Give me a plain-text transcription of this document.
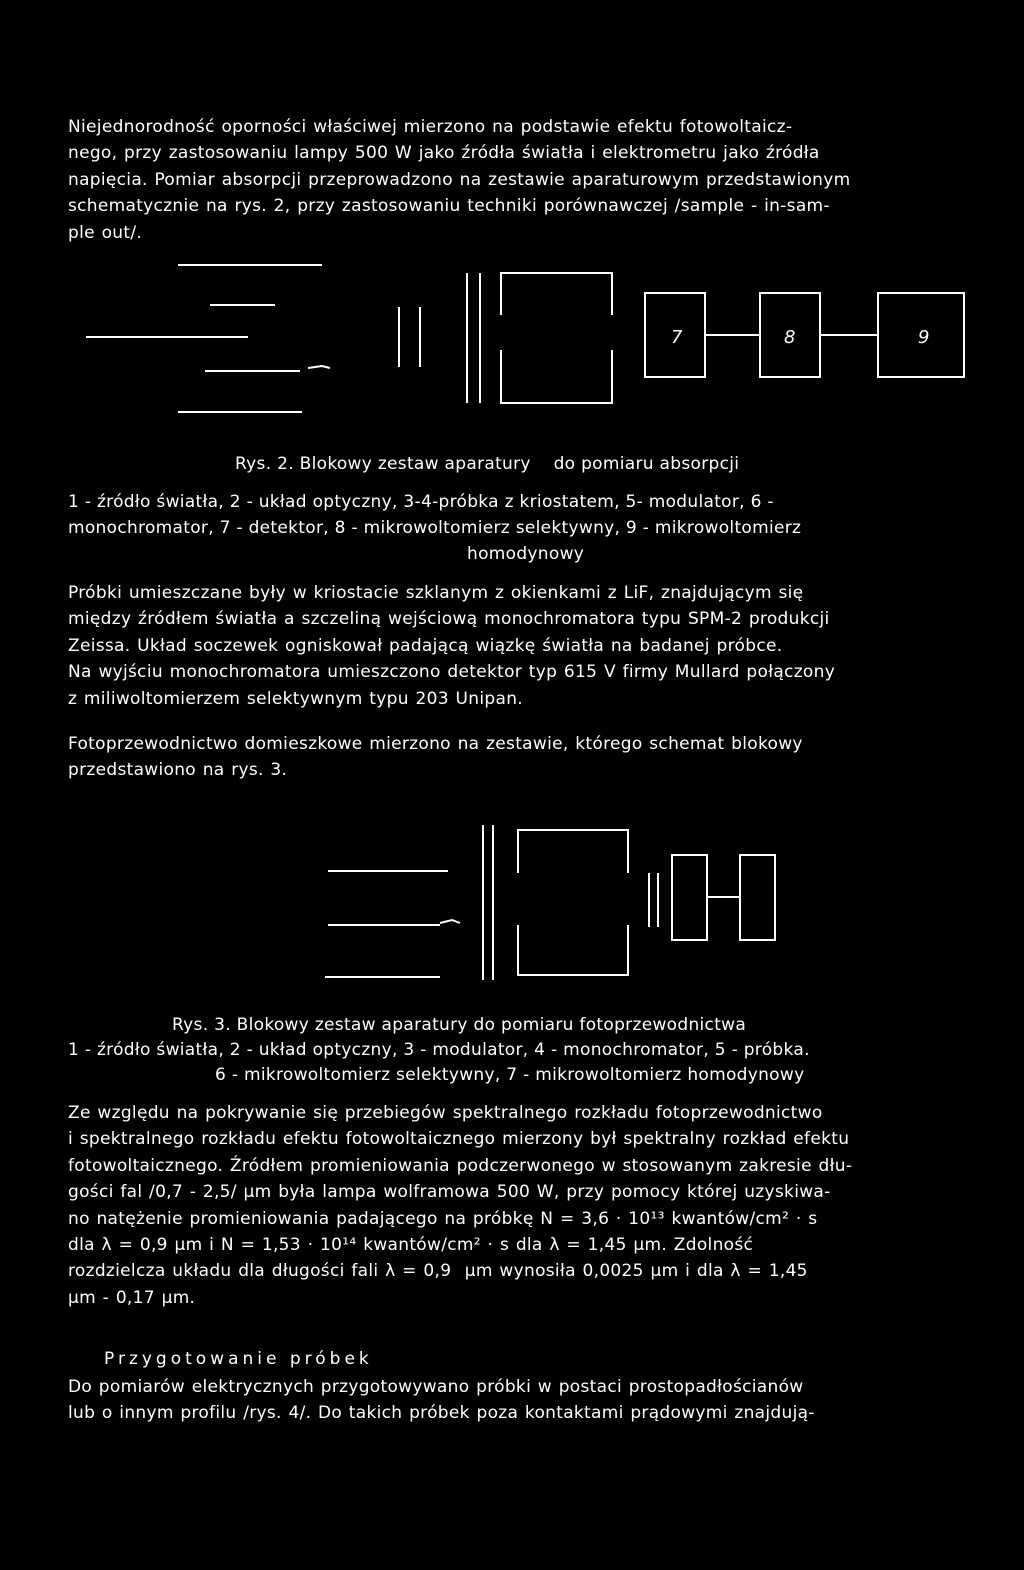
Niejednorodność oporności właściwej mierzono na podstawie efektu fotowoltaicz-
nego, przy zastosowaniu lampy 500 W jako źródła światła i elektrometru jako źródła
napięcia. Pomiar absorpcji przeprowadzono na zestawie aparaturowym przedstawionym
schematycznie na rys. 2, przy zastosowaniu techniki porównawczej /sample - in-sam-
ple out/.

7	8	9

Rys. 2. Blokowy zestaw aparatury    do pomiaru absorpcji

1 - źródło światła, 2 - układ optyczny, 3-4-próbka z kriostatem, 5- modulator, 6 -

monochromator, 7 - detektor, 8 - mikrowoltomierz selektywny, 9 - mikrowoltomierz

homodynowy

Próbki umieszczane były w kriostacie szklanym z okienkami z LiF, znajdującym się
między źródłem światła a szczeliną wejściową monochromatora typu SPM-2 produkcji
Zeissa. Układ soczewek ogniskował padającą wiązkę światła na badanej próbce.
Na wyjściu monochromatora umieszczono detektor typ 615 V firmy Mullard połączony
z miliwoltomierzem selektywnym typu 203 Unipan.

Fotoprzewodnictwo domieszkowe mierzono na zestawie, którego schemat blokowy
przedstawiono na rys. 3.

Rys. 3. Blokowy zestaw aparatury do pomiaru fotoprzewodnictwa

1 - źródło światła, 2 - układ optyczny, 3 - modulator, 4 - monochromator, 5 - próbka.

6 - mikrowoltomierz selektywny, 7 - mikrowoltomierz homodynowy

Ze względu na pokrywanie się przebiegów spektralnego rozkładu fotoprzewodnictwo
i spektralnego rozkładu efektu fotowoltaicznego mierzony był spektralny rozkład efektu
fotowoltaicznego. Źródłem promieniowania podczerwonego w stosowanym zakresie dłu-
gości fal /0,7 - 2,5/ μm była lampa wolframowa 500 W, przy pomocy której uzyskiwa-
no natężenie promieniowania padającego na próbkę N = 3,6 · 10¹³ kwantów/cm² · s
dla λ = 0,9 μm i N = 1,53 · 10¹⁴ kwantów/cm² · s dla λ = 1,45 μm. Zdolność
rozdzielcza układu dla długości fali λ = 0,9  μm wynosiła 0,0025 μm i dla λ = 1,45
μm - 0,17 μm.

Przygotowanie próbek

Do pomiarów elektrycznych przygotowywano próbki w postaci prostopadłościanów
lub o innym profilu /rys. 4/. Do takich próbek poza kontaktami prądowymi znajdują-
